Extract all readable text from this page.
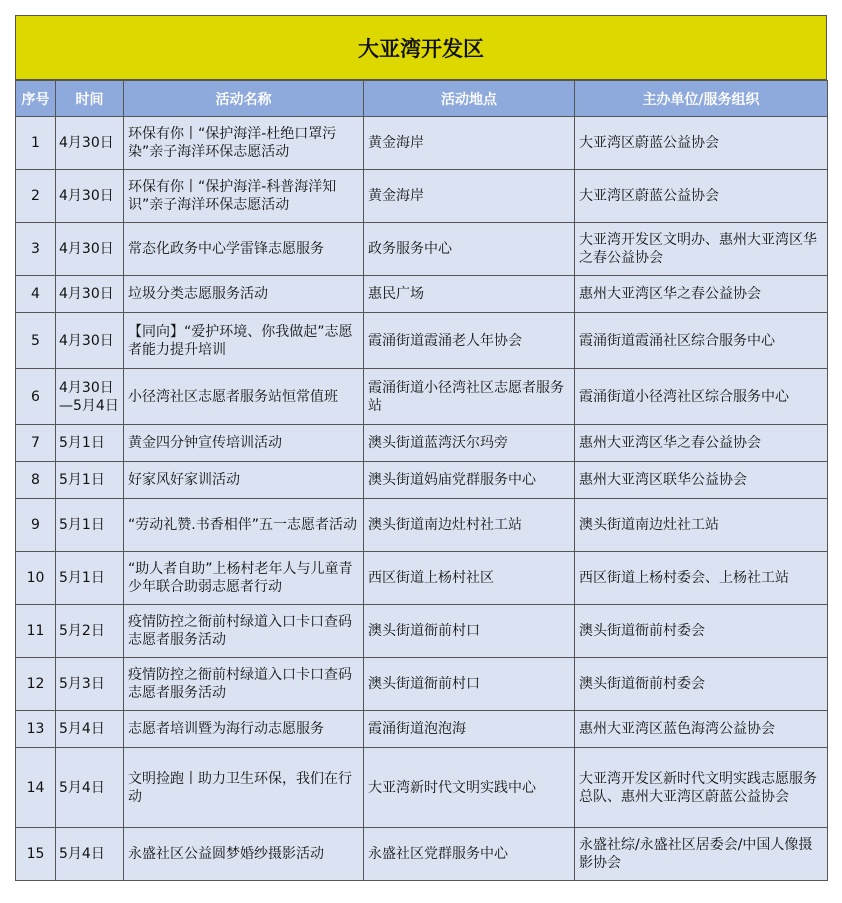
大亚湾开发区
序号	时间	活动名称	活动地点	主办单位/服务组织
1	4月30日	环保有你丨“保护海洋-杜绝口罩污染”亲子海洋环保志愿活动	黄金海岸	大亚湾区蔚蓝公益协会
2	4月30日	环保有你丨“保护海洋-科普海洋知识”亲子海洋环保志愿活动	黄金海岸	大亚湾区蔚蓝公益协会
3	4月30日	常态化政务中心学雷锋志愿服务	政务服务中心	大亚湾开发区文明办、惠州大亚湾区华之春公益协会
4	4月30日	垃圾分类志愿服务活动	惠民广场	惠州大亚湾区华之春公益协会
5	4月30日	【同向】“爱护环境、你我做起”志愿者能力提升培训	霞涌街道霞涌老人年协会	霞涌街道霞涌社区综合服务中心
6	4月30日—5月4日	小径湾社区志愿者服务站恒常值班	霞涌街道小径湾社区志愿者服务站	霞涌街道小径湾社区综合服务中心
7	5月1日	黄金四分钟宣传培训活动	澳头街道蓝湾沃尔玛旁	惠州大亚湾区华之春公益协会
8	5月1日	好家风好家训活动	澳头街道妈庙党群服务中心	惠州大亚湾区联华公益协会
9	5月1日	“劳动礼赞.书香相伴”五一志愿者活动	澳头街道南边灶村社工站	澳头街道南边灶社工站
10	5月1日	“助人者自助”上杨村老年人与儿童青少年联合助弱志愿者行动	西区街道上杨村社区	西区街道上杨村委会、上杨社工站
11	5月2日	疫情防控之衙前村绿道入口卡口查码志愿者服务活动	澳头街道衙前村口	澳头街道衙前村委会
12	5月3日	疫情防控之衙前村绿道入口卡口查码志愿者服务活动	澳头街道衙前村口	澳头街道衙前村委会
13	5月4日	志愿者培训暨为海行动志愿服务	霞涌街道泡泡海	惠州大亚湾区蓝色海湾公益协会
14	5月4日	文明捡跑丨助力卫生环保，我们在行动	大亚湾新时代文明实践中心	大亚湾开发区新时代文明实践志愿服务总队、惠州大亚湾区蔚蓝公益协会
15	5月4日	永盛社区公益圆梦婚纱摄影活动	永盛社区党群服务中心	永盛社综/永盛社区居委会/中国人像摄影协会
